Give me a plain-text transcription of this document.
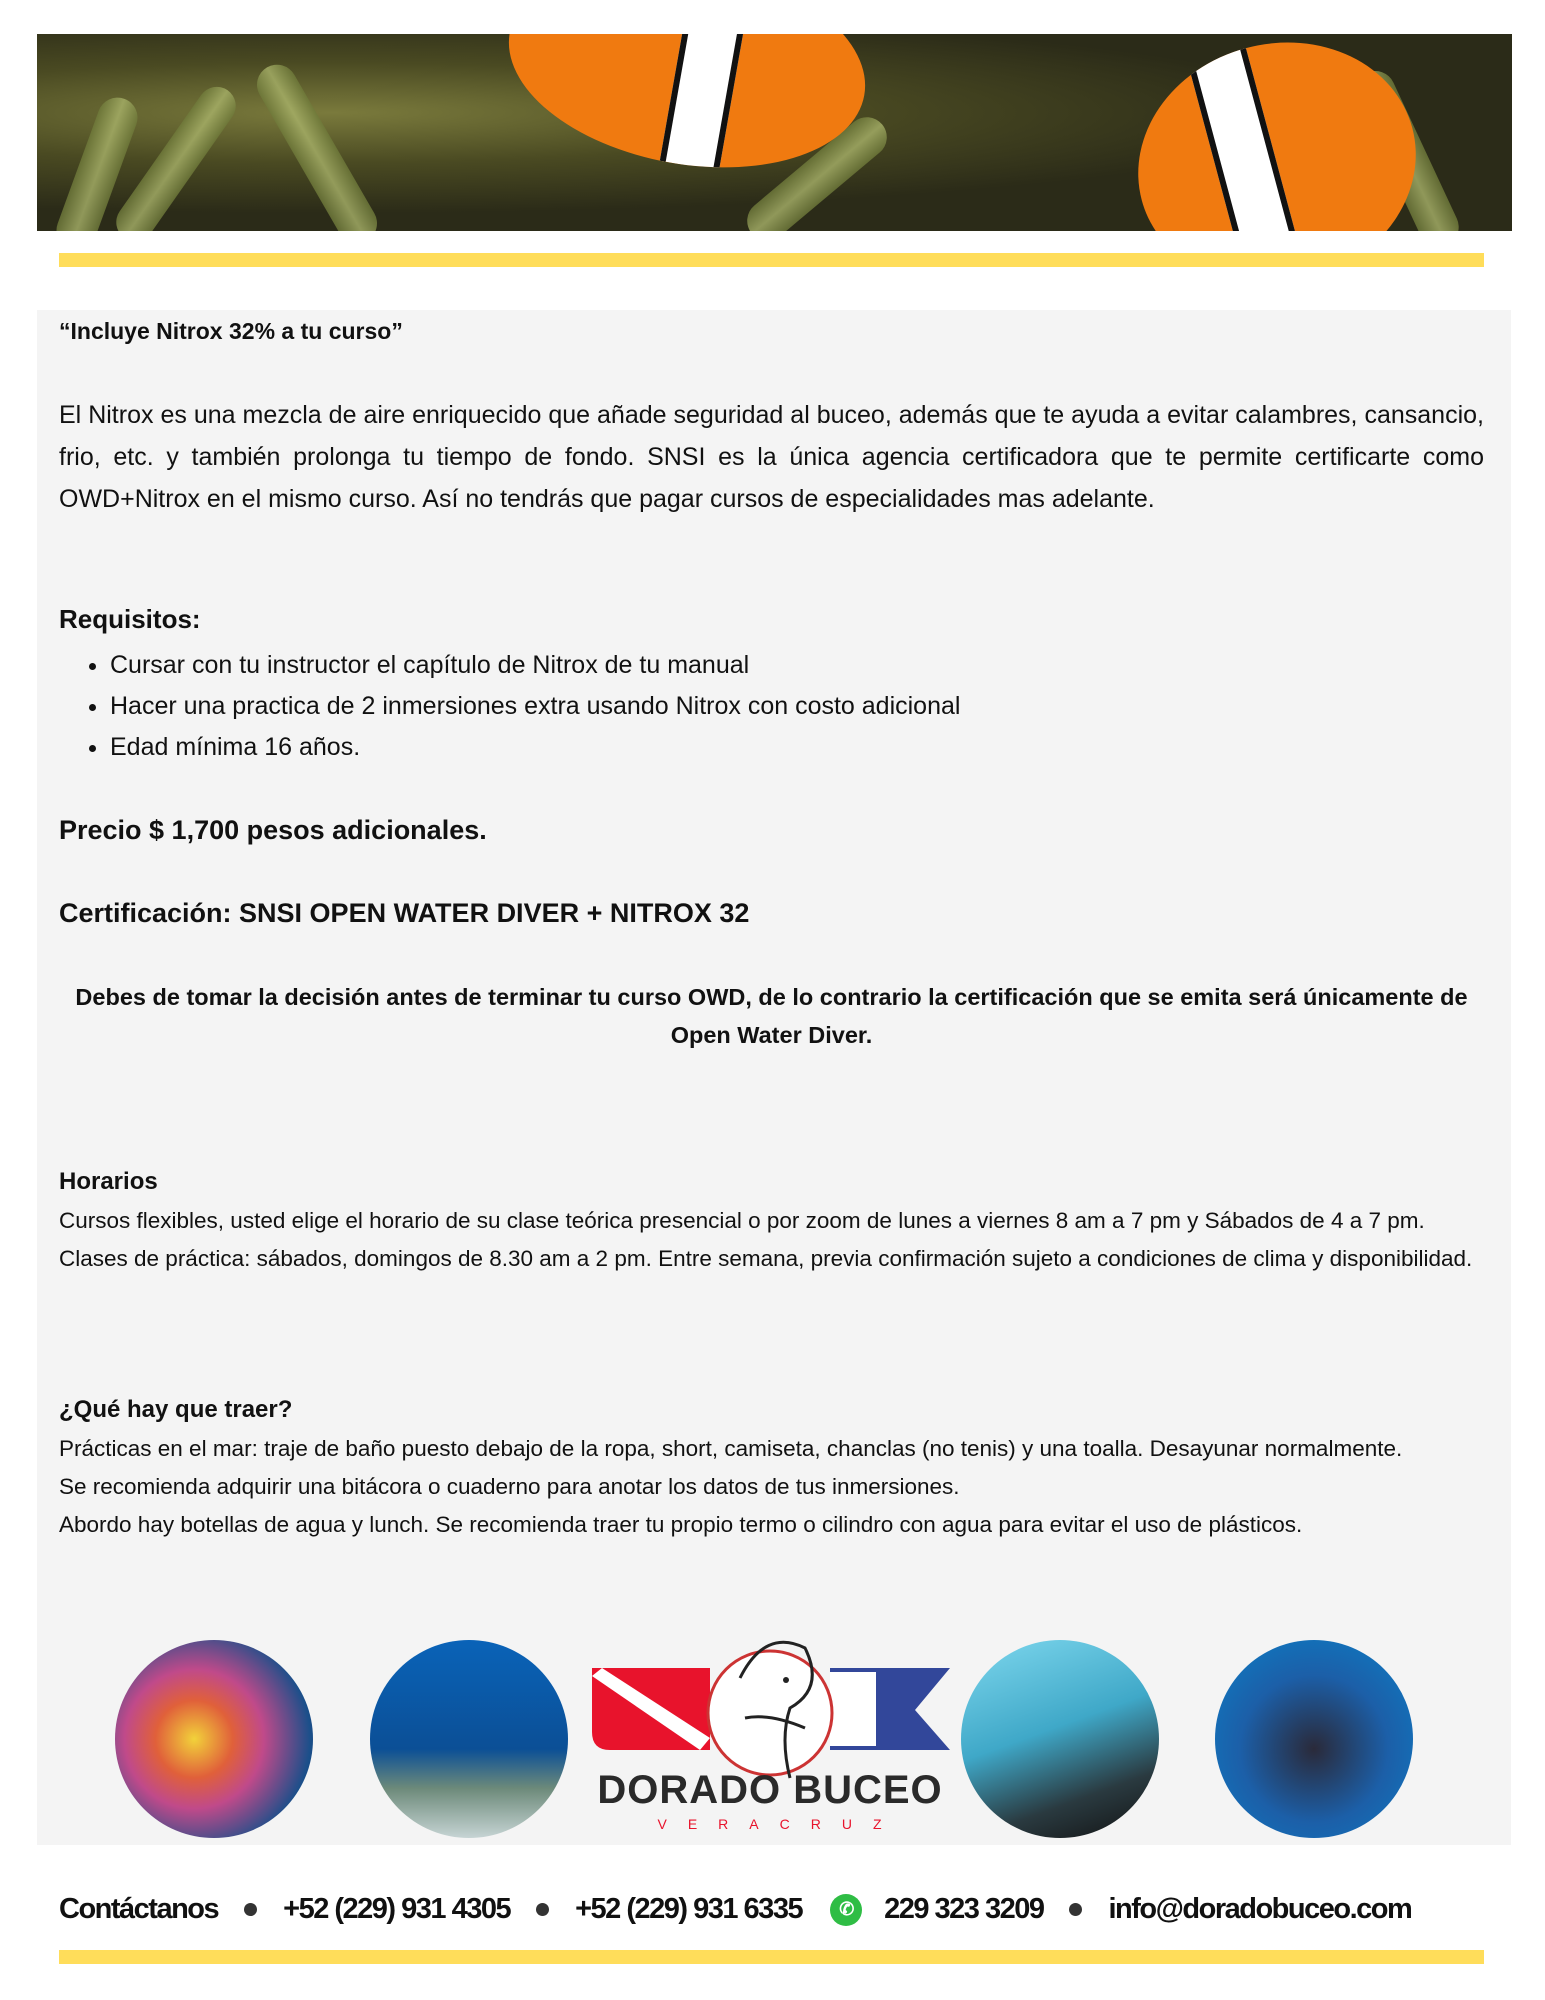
“Incluye Nitrox 32% a tu curso”
El Nitrox es una mezcla de aire enriquecido que añade seguridad al buceo, además que te ayuda a evitar calambres, cansancio, frio, etc. y también prolonga tu tiempo de fondo. SNSI es la única agencia certificadora que te permite certificarte como OWD+Nitrox en el mismo curso. Así no tendrás que pagar cursos de especialidades mas adelante.
Requisitos:
• Cursar con tu instructor el capítulo de Nitrox de tu manual
• Hacer una practica de 2 inmersiones extra usando Nitrox con costo adicional
• Edad mínima 16 años.
Precio $ 1,700 pesos adicionales.
Certificación: SNSI OPEN WATER DIVER + NITROX 32
Debes de tomar la decisión antes de terminar tu curso OWD, de lo contrario la certificación que se emita será únicamente de Open Water Diver.
Horarios
Cursos flexibles, usted elige el horario de su clase teórica presencial o por zoom de lunes a viernes 8 am a 7 pm y Sábados de 4 a 7 pm.
Clases de práctica: sábados, domingos de 8.30 am a 2 pm. Entre semana, previa confirmación sujeto a condiciones de clima y disponibilidad.
¿Qué hay que traer?
Prácticas en el mar: traje de baño puesto debajo de la ropa, short, camiseta, chanclas (no tenis) y una toalla. Desayunar normalmente.
Se recomienda adquirir una bitácora o cuaderno para anotar los datos de tus inmersiones.
Abordo hay botellas de agua y lunch. Se recomienda traer tu propio termo o cilindro con agua para evitar el uso de plásticos.
DORADO BUCEO
VERACRUZ
Contáctanos +52 (229) 931 4305 +52 (229) 931 6335	✆	229 323 3209 info@doradobuceo.com
